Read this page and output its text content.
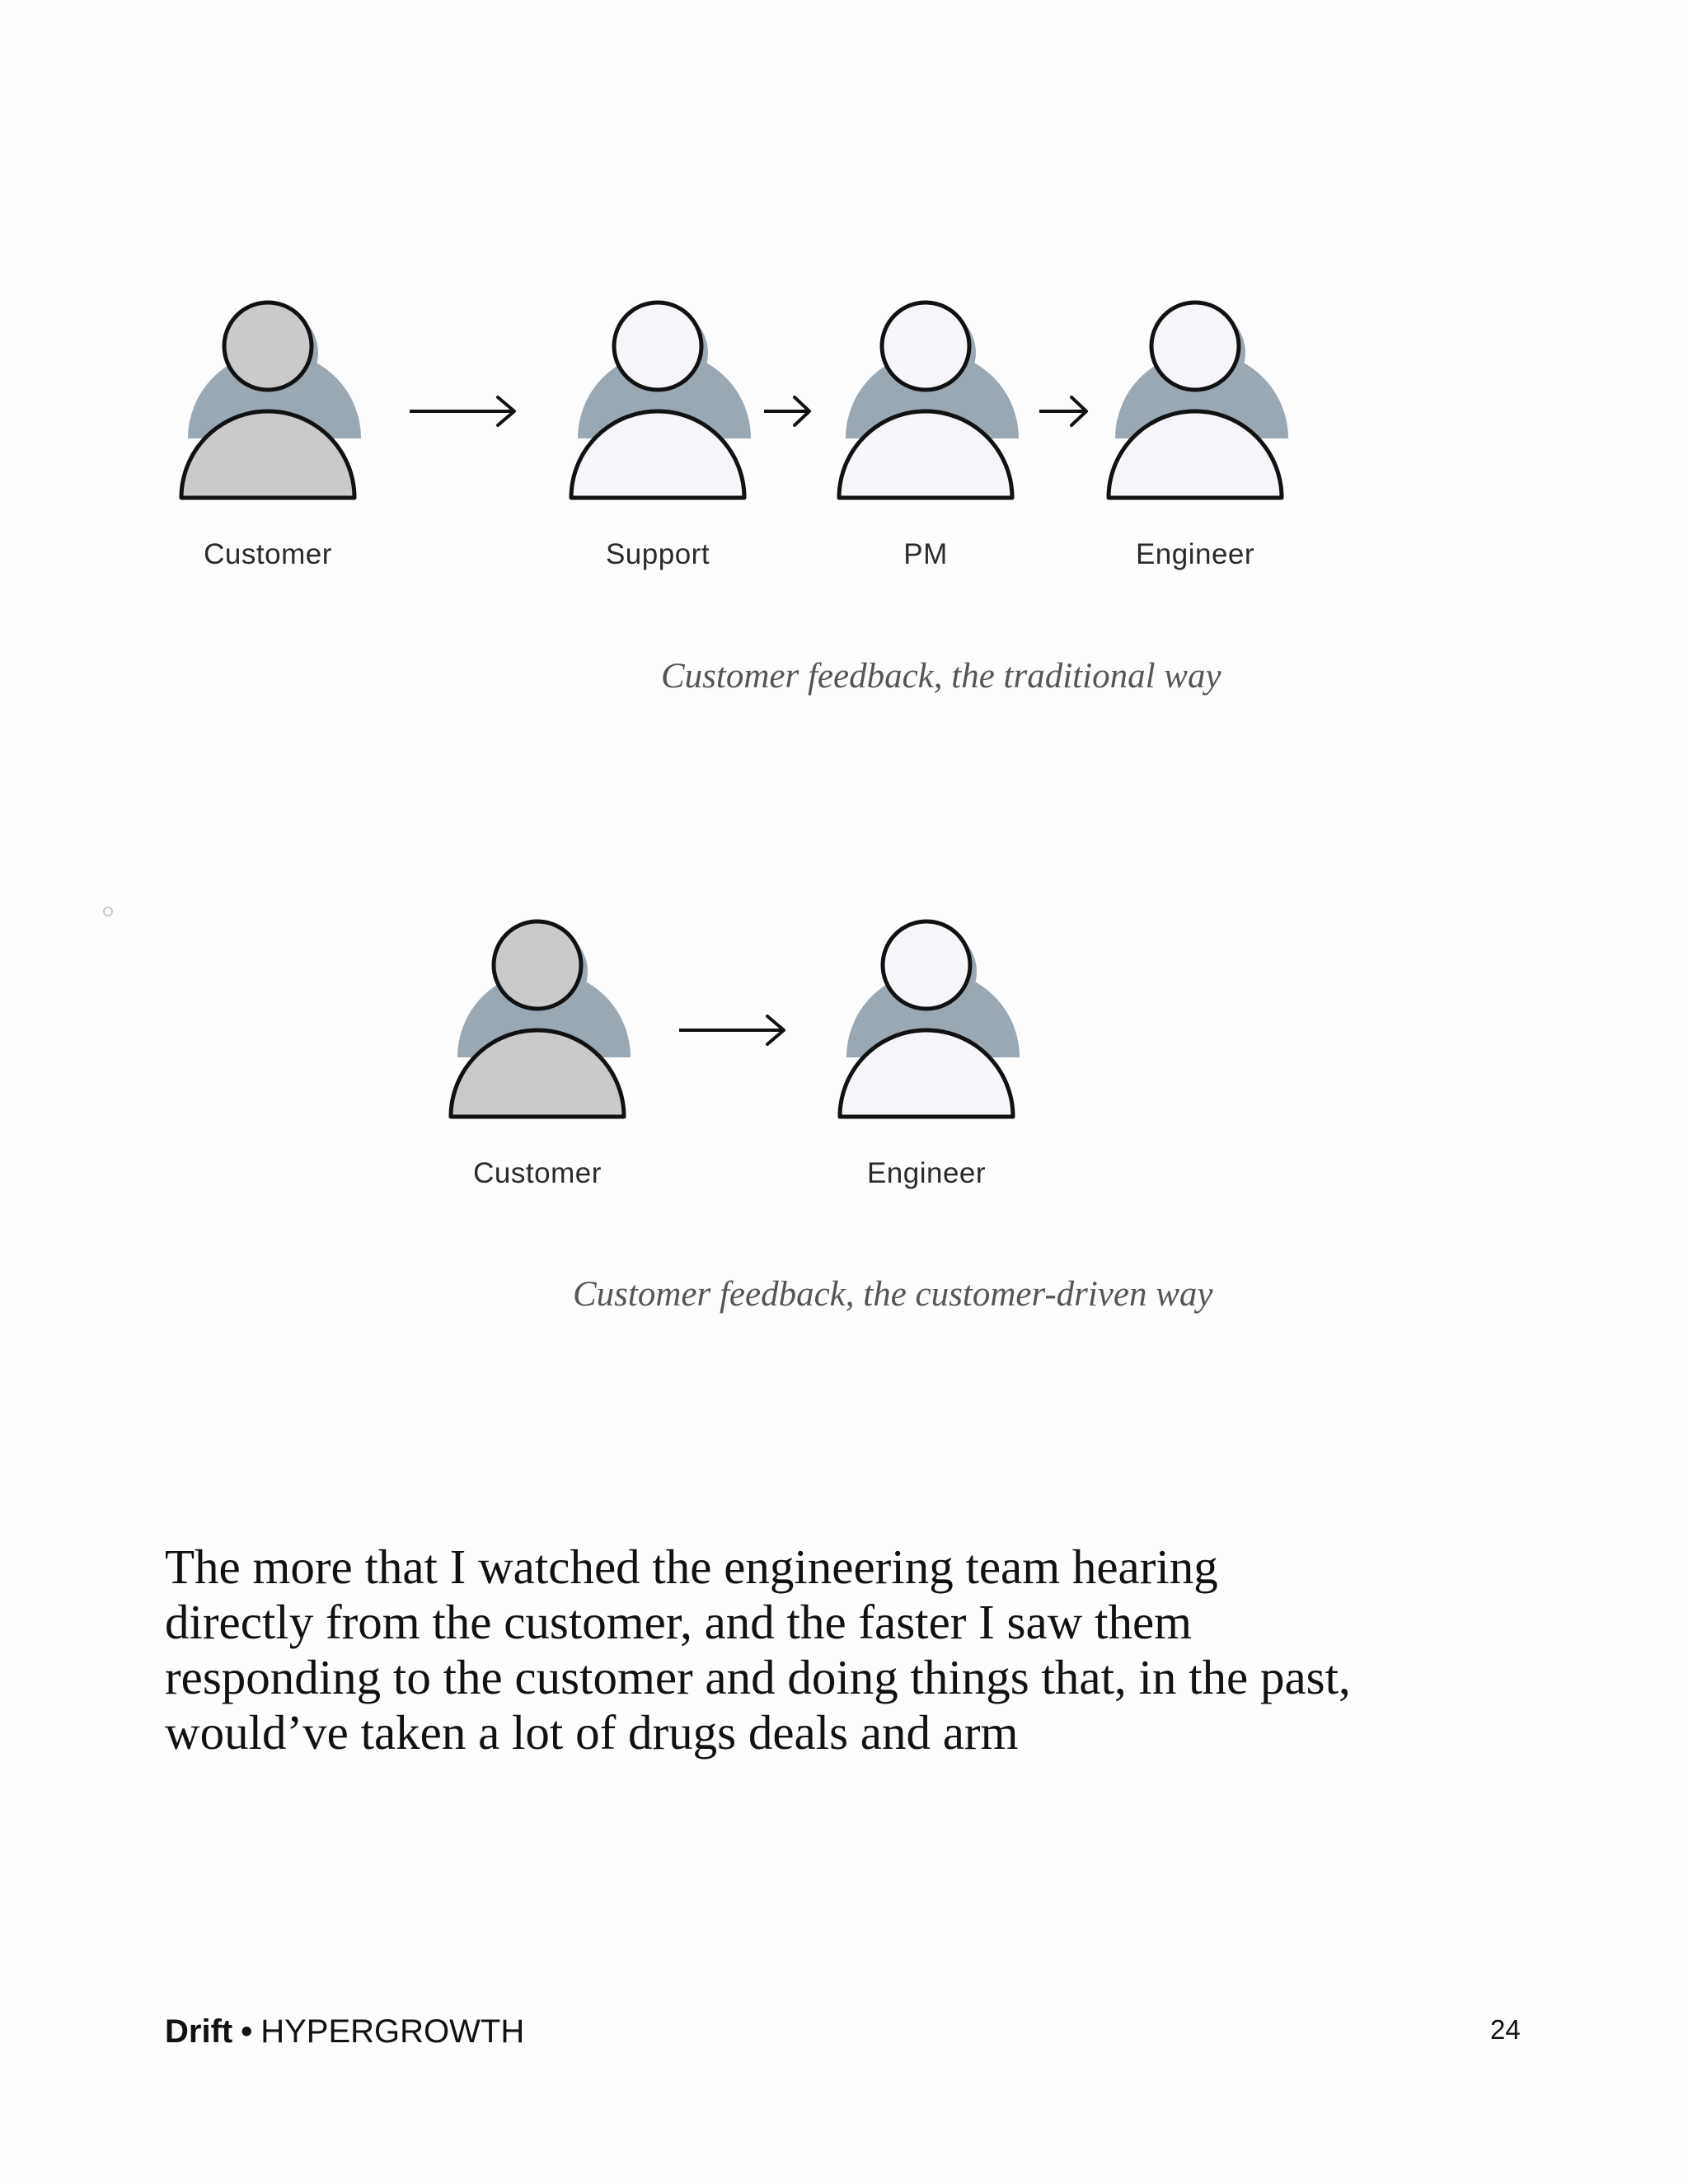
Customer	Support	PM	Engineer
Customer	Engineer
Customer feedback, the traditional way
Customer feedback, the customer-driven way

The more that I watched the engineering team hearing directly from the customer, and the faster I saw them responding to the customer and doing things that, in the past, would’ve taken a lot of drugs deals and arm

Drift • HYPERGROWTH	24
